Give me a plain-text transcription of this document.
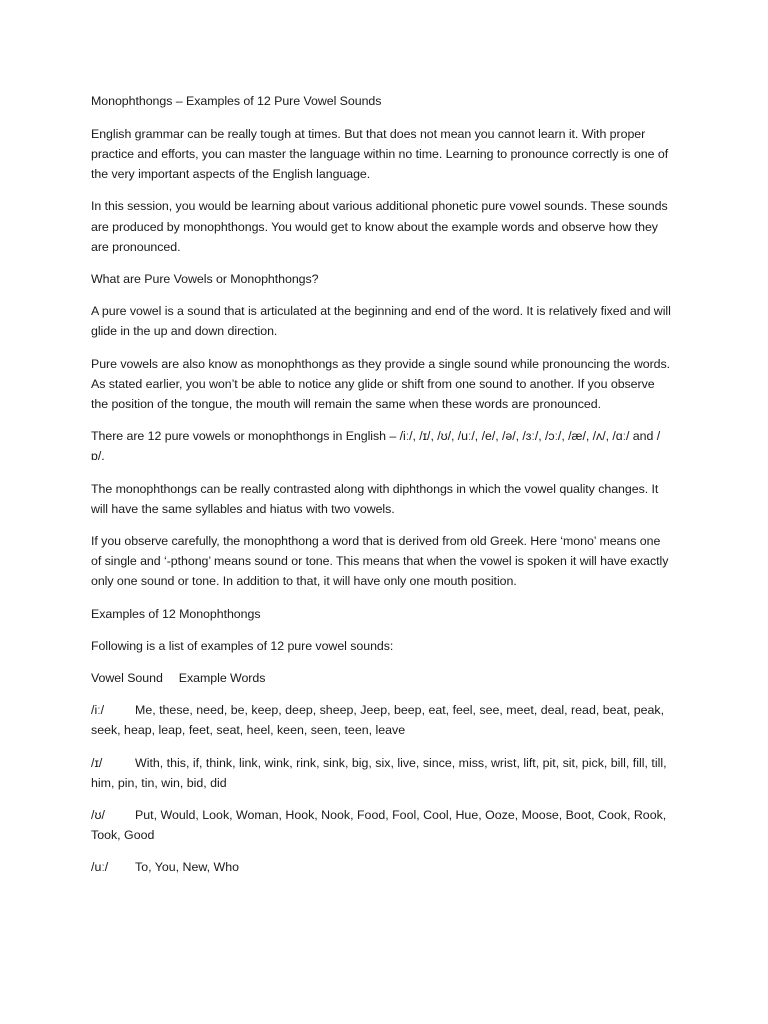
Monophthongs – Examples of 12 Pure Vowel Sounds

English grammar can be really tough at times. But that does not mean you cannot learn it. With proper practice and efforts, you can master the language within no time. Learning to pronounce correctly is one of the very important aspects of the English language.

In this session, you would be learning about various additional phonetic pure vowel sounds. These sounds are produced by monophthongs. You would get to know about the example words and observe how they are pronounced.

What are Pure Vowels or Monophthongs?

A pure vowel is a sound that is articulated at the beginning and end of the word. It is relatively fixed and will glide in the up and down direction.

Pure vowels are also know as monophthongs as they provide a single sound while pronouncing the words. As stated earlier, you won’t be able to notice any glide or shift from one sound to another. If you observe the position of the tongue, the mouth will remain the same when these words are pronounced.

There are 12 pure vowels or monophthongs in English – /iː/, /ɪ/, /ʊ/, /uː/, /e/, /ə/, /ɜː/, /ɔː/, /æ/, /ʌ/, /ɑː/ and /ɒ/.

The monophthongs can be really contrasted along with diphthongs in which the vowel quality changes. It will have the same syllables and hiatus with two vowels.

If you observe carefully, the monophthong a word that is derived from old Greek. Here ‘mono’ means one of single and ‘-pthong’ means sound or tone. This means that when the vowel is spoken it will have exactly only one sound or tone. In addition to that, it will have only one mouth position.

Examples of 12 Monophthongs

Following is a list of examples of 12 pure vowel sounds:

Vowel Sound Example Words

/iː/ Me, these, need, be, keep, deep, sheep, Jeep, beep, eat, feel, see, meet, deal, read, beat, peak, seek, heap, leap, feet, seat, heel, keen, seen, teen, leave

/ɪ/	With, this, if, think, link, wink, rink, sink, big, six, live, since, miss, wrist, lift, pit, sit, pick, bill, fill, till, him, pin, tin, win, bid, did

/ʊ/ Put, Would, Look, Woman, Hook, Nook, Food, Fool, Cool, Hue, Ooze, Moose, Boot, Cook, Rook, Took, Good

/uː/ To, You, New, Who
